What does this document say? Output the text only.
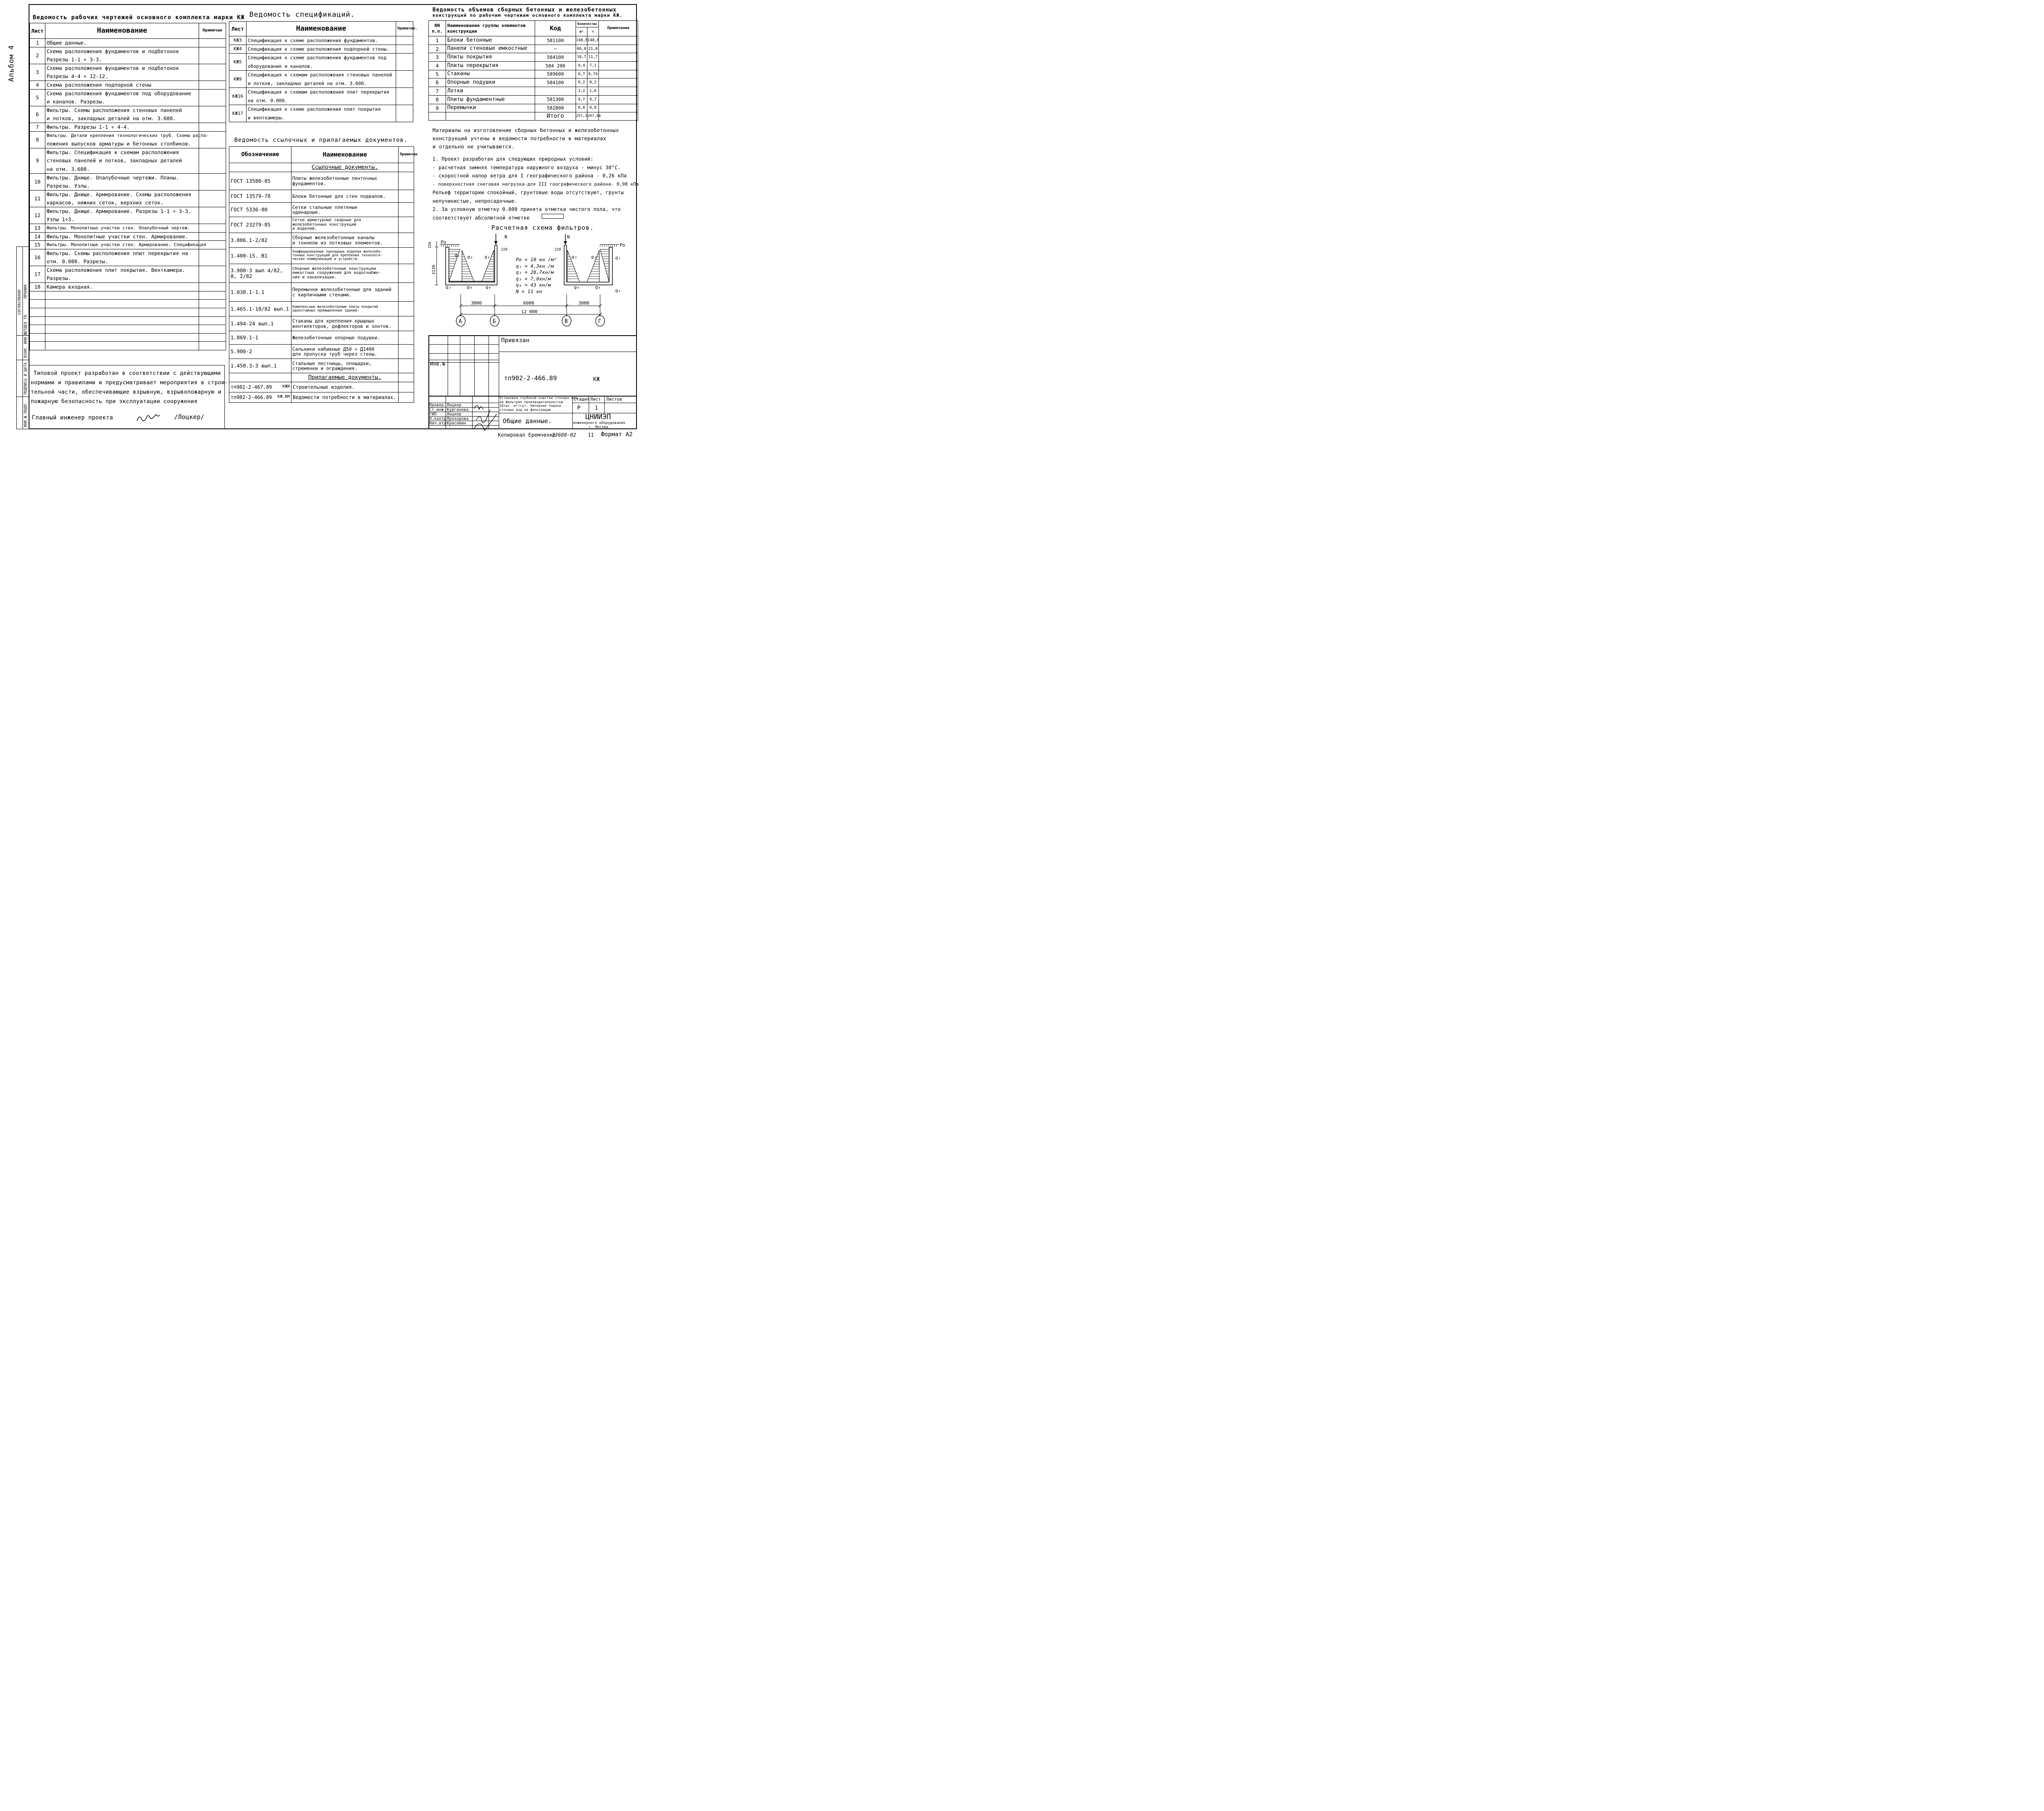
Альбом 4
СОГЛАСОВАНО
ОТДЕЛ ТО
ПРОНИН
ВЗАМ. ИНВ.№
ПОДПИСЬ И ДАТА
ИНВ.№ ПОДЛ.
Ведомость рабочих чертежей основного комплекта марки КЖ
Лист	Наименование	Примечан
1	Общие данные.	
2	Схема расположения фундаментов и подбетонок	
	Разрезы 1-1 ÷ 3-3.	
3	Схема расположения фундаментов и подбетонок	
	Разрезы 4-4 ÷ 12-12.	
4	Схема расположения подпорной стены	
5	Схема расположения фундаментов под оборудование	
	и каналов. Разрезы.	
6	Фильтры. Схемы расположения стеновых панелей	
	и лотков, закладных деталей на отм. 3.600.	
7	Фильтры. Разрезы 1-1 ÷ 4-4.	
8	Фильтры. Детали крепления технологических труб. Схема распо-	
	ложения выпусков арматуры и бетонных столбиков.	
9	Фильтры. Спецификация к схемам расположения	
	стеновых панелей и лотков, закладных деталей	
	на отм. 3.600.	
10	Фильтры. Днище. Опалубочные чертежи. Планы.	
	Разрезы. Узлы.	
11	Фильтры. Днище. Армирование. Схемы расположения	
	каркасов, нижних сеток, верхних сеток.	
12	Фильтры. Днище. Армирование. Разрезы 1-1 ÷ 3-3.	
	Узлы 1÷3.	
13	Фильтры. Монолитные участки стен. Опалубочный чертеж.	
14	Фильтры. Монолитные участки стен. Армирование.	
15	Фильтры. Монолитные участки стен. Армирование. Спецификация	
16	Фильтры. Схемы расположения плит перекрытия на	
	отм. 0.000. Разрезы.	
17	Схема расположения плит покрытия. Венткамера.	
	Разрезы.	
18	Камера входная.	

Типовой проект разработан в соответствии с действующими
нормами и правилами и предусматривает мероприятия в строи-
тельной части, обеспечивающие взрывную, взрывопожарную и
пожарную безопасность при эксплуатации сооружения
Главный инженер проекта	/Лоцкер/
Ведомость спецификаций.
Лист	Наименование	Примечан.
КЖ3	Спецификация к схеме расположения фундаментов.	
КЖ4	Спецификация к схеме расположения подпорной стены.	
КЖ5	Спецификация к схеме расположения фундаментов под	
	оборудование и каналов.	
КЖ9	Спецификация к схемам расположения стеновых панелей	
	и лотков, закладных деталей на отм. 3.600.	
КЖ16	Спецификация к схемам расположения плит перекрытия	
	на отм. 0.000.	
КЖ17	Спецификация к схеме расположения плит покрытия	
	и венткамеры.	
Ведомость ссылочных и прилагаемых документов.
Обозначение	Наименование	Примечан
	Ссылочные документы.	
ГОСТ 13580-85	Плиты железобетонные ленточных
фундаментов.	

ГОСТ 13579-78	Блоки бетонные для стен подвалов.	

ГОСТ 5336-80	Сетки стальные плетеные
одинарные.	

ГОСТ 23279-85	Сетки арматурные сварные для
железобетонных конструкций
и изделий.	

3.006.1-2/82	Сборные железобетонные каналы
и тоннели из лотковых элементов.	

1.400-15. В1	Унифицированные закладные изделия железобе-
тонных конструкций для крепления технологи-
ческих коммуникаций и устройств.	

3.900-3 вып 4/82, 8, 2/82	Сборные железобетонные конструкции
емкостных сооружений для водоснабже-
ния и канализации.	

1.038.1-1.1	Перемычки железобетонные для зданий
с кирпичными стенами.	

1.465.1-10/82 вып.1	Комплексные железобетонные плиты покрытий
одноэтажных промышленных зданий.	

1.494-24 вып.1	Стаканы для крепления крышных
вентиляторов, дефлекторов и зонтов.	

1.869.1-1	Железобетонные опорные подушки.	

5.900-2	Сальники набивные Д50 ÷ Д1400
для пропуска труб через стены.	

1.450.3-3 вып.1	Стальные лестницы, площадки,
стремянки и ограждения.	

	Прилагаемые документы.	
тп902-2-467.89 КЖИ	Строительные изделия.	
тп902-2-466.89 КЖ.ВМ	Ведомости потребности в материалах.	
Ведомость объемов сборных бетонных и железобетонных
конструкций по рабочим чертежам основного комплекта марки КЖ.
NN п.п.	Наименование группы элементов конструкции	Код	Количество		Примечание
			м³	т	
1	Блоки бетонные	581100	148,6	148,6	
2	Панели стеновые емкостные	—	66,0	21,0	
3	Плиты покрытия	584100	18,7	11,7	
4	Плиты перекрытия	584 200	9,4	7,1	
5	Стаканы	589600	0,7	0,74	
6	Опорные подушки	584100	0,2	0,2	
7	Лотки		3,2	1,6	
8	Плиты фундаментные	581300	9,7	9,7	
9	Перемычки	582800	0,8	0,8	
		Итого	257,3	207,44	
Материалы на изготовление сборных бетонных и железобетонных
конструкций учтены в ведомости потребности в материалах
и отдельно не учитываются.
1. Проект разработан для следующих природных условий:
- расчетная зимняя температура наружного воздуха - минус 30°С.
- скоростной напор ветра для I географического района - 0,26 кПа
- поверхностная снеговая нагрузка-для III географического района- 0,98 кПа
Рельеф территории спокойный, грунтовые воды отсутствуют, грунты
непучинистые, непросадочные.
2. За условную отметку 0.000 принята отметка чистого пола, что
соответствует абсолютной отметке
Расчетная схема фильтров.
Pо = 10 кн /м²
q₁ = 4,3кн /м
q₂ = 28,7кн/м
q₃ = 7,8кн/м
q₄ = 43 кн/м
N = 11 кн
N	N
Ро
Ро
220	220
q₁ q₃	q₃
q₂	q₄	q₄
q₃	q₃	q₁
q₄	q₄
q₂
150
3130
3000	6000	3000
12 000
А	Б	В	Г
Привязан
Инв.№
тп902-2-466.89	КЖ
Установка глубокой очистки сточных вод
на фильтрах производительностью
10тыс. м³/сут. Напорная подача
сточных вод на фильтрацию
Стадия Лист Листов
Р	1
Провер. Лоцкер
Ст.инж. Курганова
ГИП	Лоцкер
Н.контр.
Прохорова
Нач.отд.
Красавин	Общие данные.	ЦНИИЭП
инженерного оборудования
г. Москва
Копировал Еремченко
23608-02 11 Формат А2
